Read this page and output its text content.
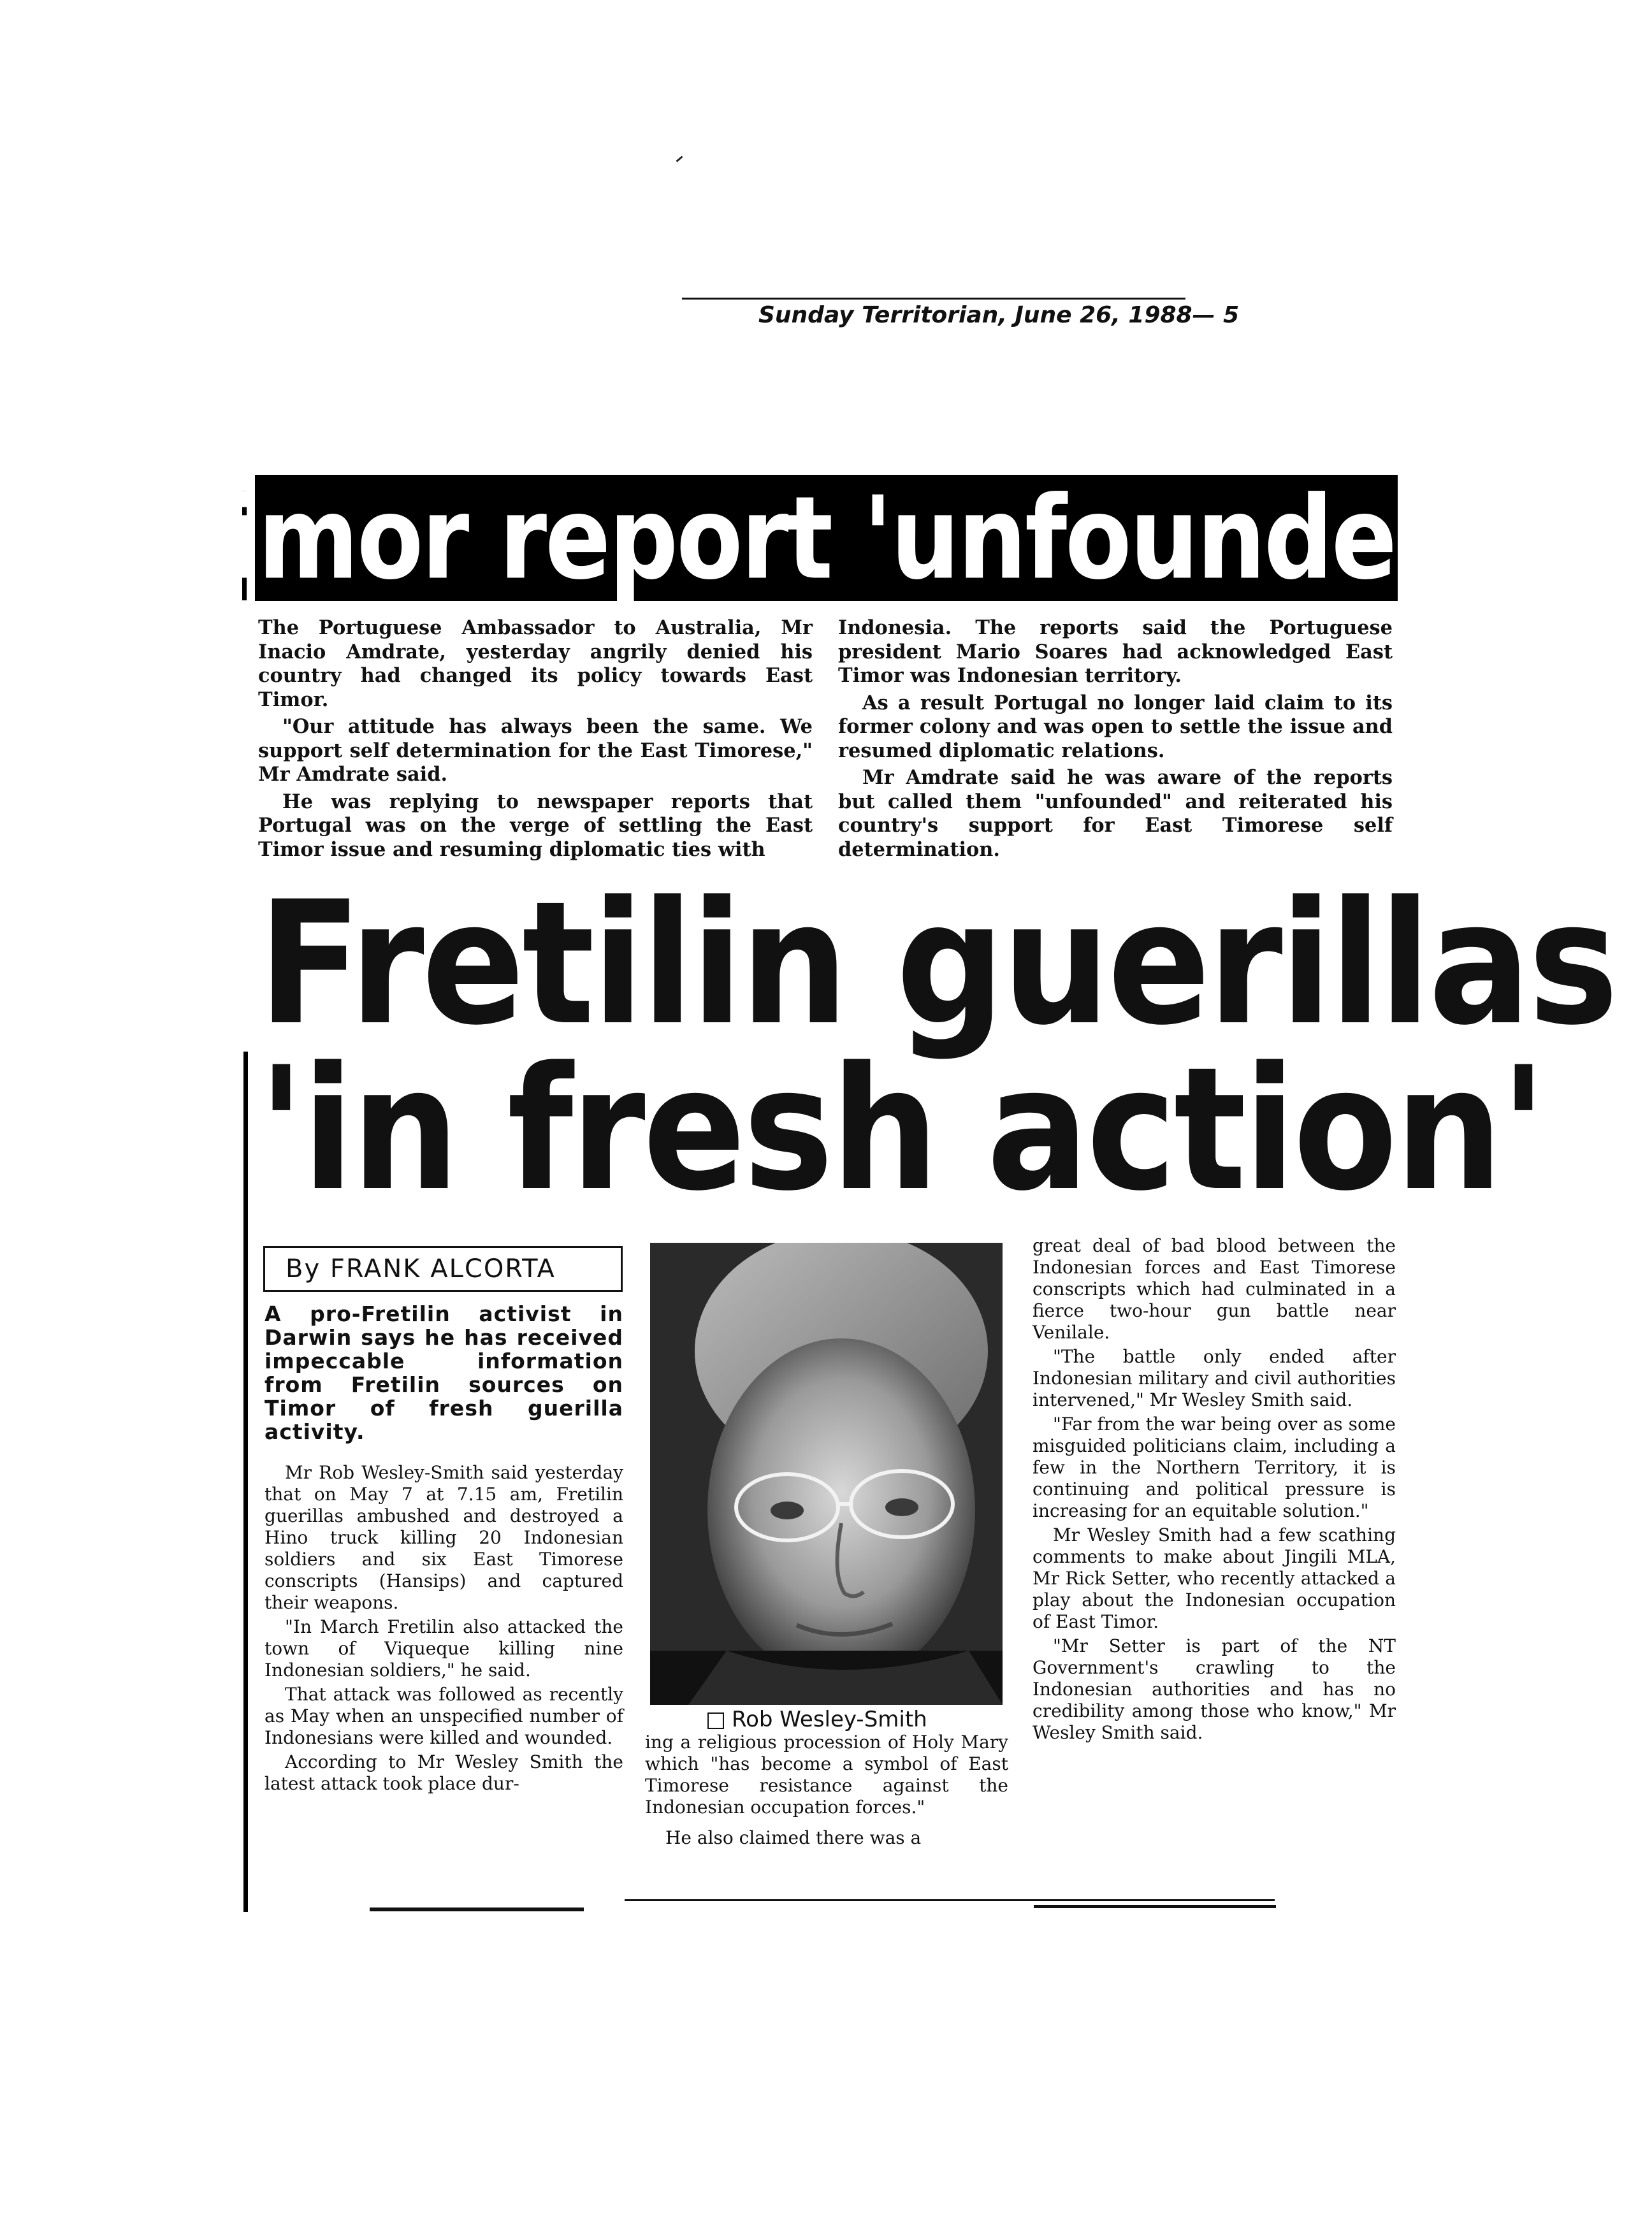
Sunday Territorian, June 26, 1988— 5
Timor report 'unfounded'

The Portuguese Ambassador to Australia, Mr Inacio Amdrate, yesterday angrily denied his country had changed its policy towards East Timor.

"Our attitude has always been the same. We support self determination for the East Timorese," Mr Amdrate said.

He was replying to newspaper reports that Portugal was on the verge of settling the East Timor issue and resuming diplomatic ties with

Indonesia. The reports said the Portuguese president Mario Soares had acknowledged East Timor was Indonesian territory.

As a result Portugal no longer laid claim to its former colony and was open to settle the issue and resumed diplomatic relations.

Mr Amdrate said he was aware of the reports but called them "unfounded" and reiterated his country's support for East Timorese self determination.

Fretilin guerillas
'in fresh action'
By FRANK ALCORTA
A pro-Fretilin activist in Darwin says he has received impeccable information from Fretilin sources on Timor of fresh guerilla activity.

Mr Rob Wesley-Smith said yesterday that on May 7 at 7.15 am, Fretilin guerillas ambushed and destroyed a Hino truck killing 20 Indonesian soldiers and six East Timorese conscripts (Hansips) and captured their weapons.

"In March Fretilin also attacked the town of Viqueque killing nine Indonesian soldiers," he said.

That attack was followed as recently as May when an unspecified number of Indonesians were killed and wounded.

According to Mr Wesley Smith the latest attack took place dur-

Rob Wesley-Smith

ing a religious procession of Holy Mary which "has become a symbol of East Timorese resistance against the Indonesian occupation forces."

He also claimed there was a

great deal of bad blood between the Indonesian forces and East Timorese conscripts which had culminated in a fierce two-hour gun battle near Venilale.

"The battle only ended after Indonesian military and civil authorities intervened," Mr Wesley Smith said.

"Far from the war being over as some misguided politicians claim, including a few in the Northern Territory, it is continuing and political pressure is increasing for an equitable solution."

Mr Wesley Smith had a few scathing comments to make about Jingili MLA, Mr Rick Setter, who recently attacked a play about the Indonesian occupation of East Timor.

"Mr Setter is part of the NT Government's crawling to the Indonesian authorities and has no credibility among those who know," Mr Wesley Smith said.
